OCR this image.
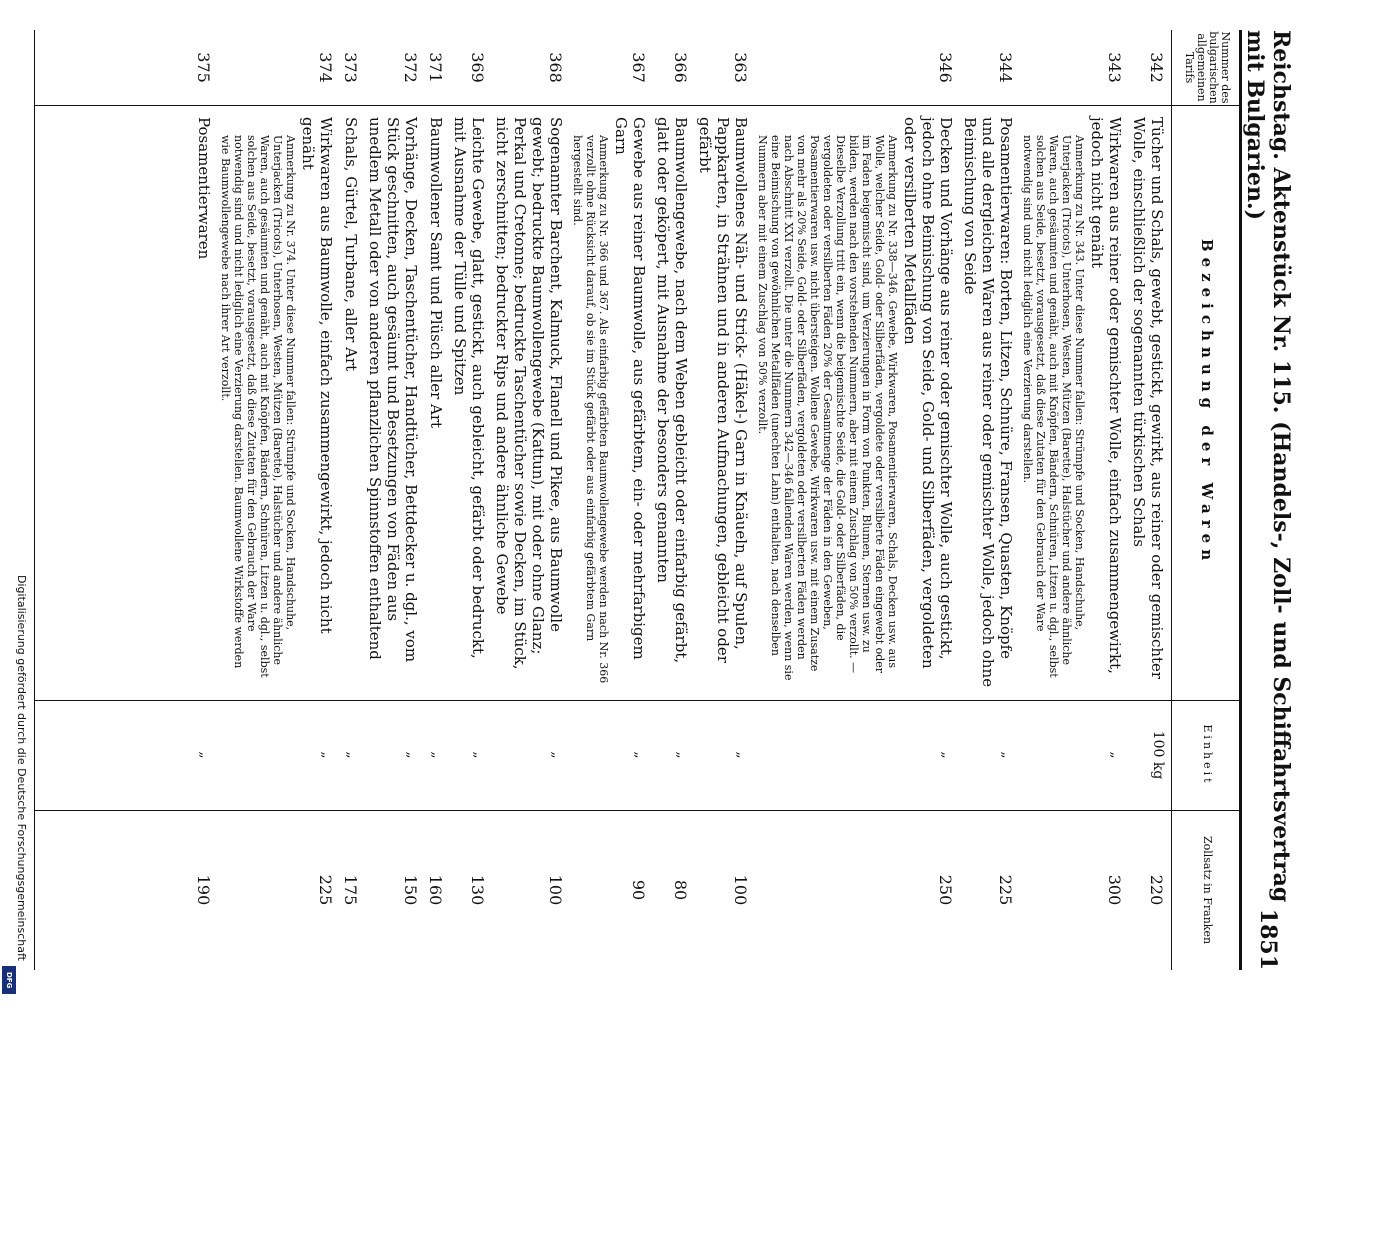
Reichstag. Aktenstück Nr. 115. (Handels-, Zoll- und Schiffahrtsvertrag mit Bulgarien.)
1851
Nummer des bulgarischen allgemeinen Tarifs
Bezeichnung der Waren
Einheit
Zollsatz in Franken
342
Tücher und Schals, gewebt, gestickt, gewirkt, aus reiner oder gemischter Wolle, einschließlich der sogenannten türkischen Schals
100 kg
220
343
Wirkwaren aus reiner oder gemischter Wolle, einfach zusammengewirkt, jedoch nicht genäht
Anmerkung zu Nr. 343. Unter diese Nummer fallen: Strümpfe und Socken, Handschuhe, Unterjacken (Tricots), Unterhosen, Westen, Mützen (Barette), Halstücher und andere ähnliche Waren, auch gesäumten und genäht, auch mit Knöpfen, Bändern, Schnüren, Litzen u. dgl., selbst solchen aus Seide, besetzt, vorausgesetzt, daß diese Zutaten für den Gebrauch der Ware notwendig sind und nicht lediglich eine Verzierung darstellen.
„
300
344
Posamentierwaren: Borten, Litzen, Schnüre, Fransen, Quasten, Knöpfe und alle dergleichen Waren aus reiner oder gemischter Wolle, jedoch ohne Beimischung von Seide
„
225
346
Decken und Vorhänge aus reiner oder gemischter Wolle, auch gestickt, jedoch ohne Beimischung von Seide, Gold- und Silberfäden, vergoldeten oder versilberten Metallfäden
Anmerkung zu Nr. 338—346. Gewebe, Wirkwaren, Posamentierwaren, Schals, Decken usw. aus Wolle, welcher Seide, Gold- oder Silberfäden, vergoldete oder versilberte Fäden eingewebt oder im Faden beigemischt sind, um Verzierungen in Form von Punkten, Blumen, Sternen usw. zu bilden, werden nach den vorstehenden Nummern, aber mit einem Zuschlag von 50% verzollt. — Dieselbe Verzollung tritt ein, wenn die beigemischte Seide, die Gold- oder Silberfäden, die vergoldeten oder versilberten Fäden 20% der Gesamtmenge der Fäden in den Geweben, Posamentierwaren usw. nicht übersteigen. Wollene Gewebe, Wirkwaren usw. mit einem Zusatze von mehr als 20% Seide, Gold- oder Silberfäden, vergoldeten oder versilberten Fäden werden nach Abschnitt XXI verzollt. Die unter die Nummern 342—346 fallenden Waren werden, wenn sie eine Beimischung von gewöhnlichen Metallfäden (unechten Lahn) enthalten, nach denselben Nummern aber mit einem Zuschlag von 50% verzollt.
„
250
363
Baumwollenes Näh- und Strick- (Häkel-) Garn in Knäueln, auf Spulen, Pappkarten, in Strähnen und in anderen Aufmachungen, gebleicht oder gefärbt
„
100
366
Baumwollengewebe, nach dem Weben gebleicht oder einfarbig gefärbt, glatt oder geköpert, mit Ausnahme der besonders genannten
„
80
367
Gewebe aus reiner Baumwolle, aus gefärbtem, ein- oder mehrfarbigem Garn
Anmerkung zu Nr. 366 und 367. Als einfarbig gefärbten Baumwollengewebe werden nach Nr. 366 verzollt ohne Rücksicht darauf, ob sie im Stück gefärbt oder aus einfarbig gefärbtem Garn hergestellt sind.
„
90
368
Sogenannter Barchent, Kalmuck, Flanell und Pikee, aus Baumwolle gewebt; bedruckte Baumwollengewebe (Kattun), mit oder ohne Glanz; Perkal und Cretonne; bedruckte Taschentücher sowie Decken, im Stück, nicht zerschnitten; bedruckter Rips und andere ähnliche Gewebe
„
100
369
Leichte Gewebe, glatt, gestickt, auch gebleicht, gefärbt oder bedruckt, mit Ausnahme der Tülle und Spitzen
„
130
371
Baumwollener Samt und Plüsch aller Art
„
160
372
Vorhänge, Decken, Taschentücher, Handtücher, Bettdecker u. dgl., vom Stück geschnitten, auch gesäumt und Besetzungen von Fäden aus unedlem Metall oder von anderen pflanzlichen Spinnstoffen enthaltend
„
150
373
Schals, Gürtel, Turbane, aller Art
„
175
374
Wirkwaren aus Baumwolle, einfach zusammengewirkt, jedoch nicht genäht
Anmerkung zu Nr. 374. Unter diese Nummer fallen: Strümpfe und Socken, Handschuhe, Unterjacken (Tricots), Unterhosen, Westen, Mützen (Barette), Halstücher und andere ähnliche Waren, auch gesäumten und genäht, auch mit Knöpfen, Bändern, Schnüren, Litzen u. dgl., selbst solchen aus Seide, besetzt, vorausgesetzt, daß diese Zutaten für den Gebrauch der Ware notwendig sind und nicht lediglich eine Verzierung darstellen. Baumwollene Wirkstoffe werden wie Baumwollengewebe nach ihrer Art verzollt.
„
225
375
Posamentierwaren
„
190
Digitalisierung gefördert durch die Deutsche Forschungsgemeinschaft
DFG
